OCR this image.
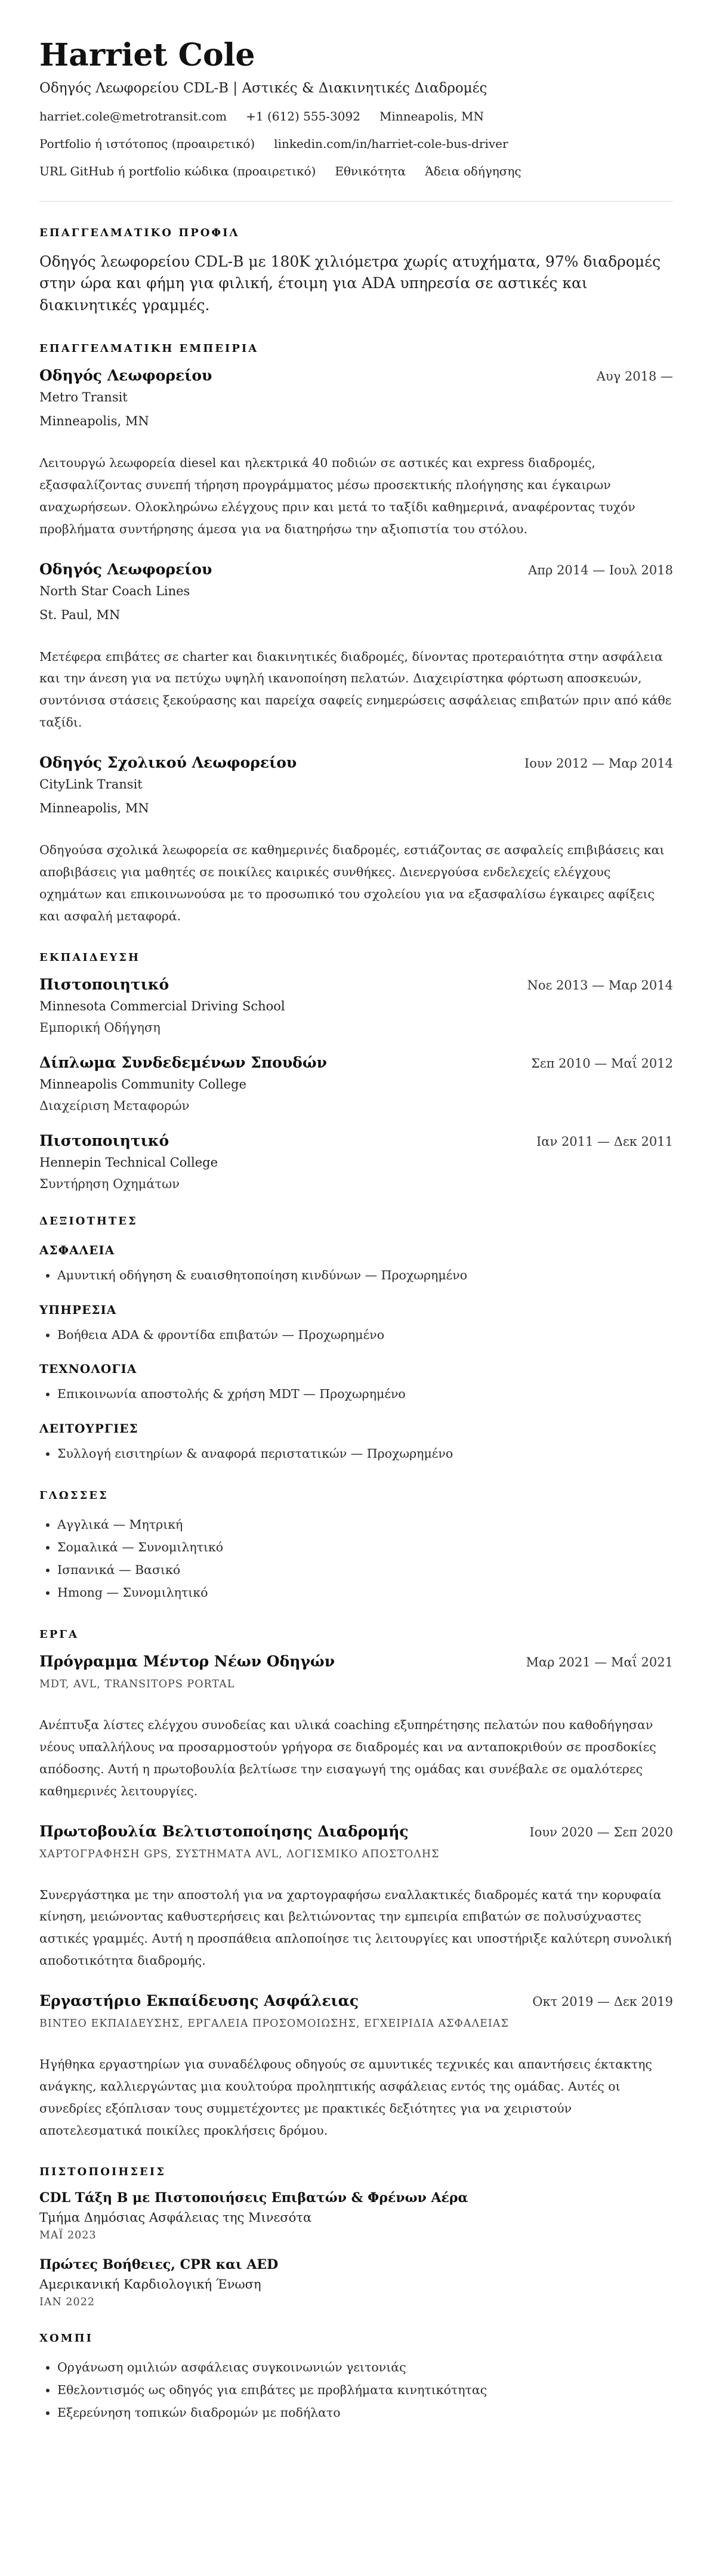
Harriet Cole
Οδηγός Λεωφορείου CDL-B | Αστικές & Διακινητικές Διαδρομές
harriet.cole@metrotransit.com +1 (612) 555-3092 Minneapolis, MN
Portfolio ή ιστότοπος (προαιρετικό) linkedin.com/in/harriet-cole-bus-driver
URL GitHub ή portfolio κώδικα (προαιρετικό) Εθνικότητα Άδεια οδήγησης
ΕΠΑΓΓΕΛΜΑΤΙΚΟ ΠΡΟΦΙΛ
Οδηγός λεωφορείου CDL-B με 180K χιλιόμετρα χωρίς ατυχήματα, 97% διαδρομές στην ώρα και φήμη για φιλική, έτοιμη για ADA υπηρεσία σε αστικές και διακινητικές γραμμές.
ΕΠΑΓΓΕΛΜΑΤΙΚΗ ΕΜΠΕΙΡΙΑ
Οδηγός Λεωφορείου	Αυγ 2018 —
Metro Transit
Minneapolis, MN
Λειτουργώ λεωφορεία diesel και ηλεκτρικά 40 ποδιών σε αστικές και express διαδρομές, εξασφαλίζοντας συνεπή τήρηση προγράμματος μέσω προσεκτικής πλοήγησης και έγκαιρων αναχωρήσεων. Ολοκληρώνω ελέγχους πριν και μετά το ταξίδι καθημερινά, αναφέροντας τυχόν προβλήματα συντήρησης άμεσα για να διατηρήσω την αξιοπιστία του στόλου.
Οδηγός Λεωφορείου	Απρ 2014 — Ιουλ 2018
North Star Coach Lines
St. Paul, MN
Μετέφερα επιβάτες σε charter και διακινητικές διαδρομές, δίνοντας προτεραιότητα στην ασφάλεια και την άνεση για να πετύχω υψηλή ικανοποίηση πελατών. Διαχειρίστηκα φόρτωση αποσκευών, συντόνισα στάσεις ξεκούρασης και παρείχα σαφείς ενημερώσεις ασφάλειας επιβατών πριν από κάθε ταξίδι.
Οδηγός Σχολικού Λεωφορείου	Ιουν 2012 — Μαρ 2014
CityLink Transit
Minneapolis, MN
Οδηγούσα σχολικά λεωφορεία σε καθημερινές διαδρομές, εστιάζοντας σε ασφαλείς επιβιβάσεις και αποβιβάσεις για μαθητές σε ποικίλες καιρικές συνθήκες. Διενεργούσα ενδελεχείς ελέγχους οχημάτων και επικοινωνούσα με το προσωπικό του σχολείου για να εξασφαλίσω έγκαιρες αφίξεις και ασφαλή μεταφορά.
ΕΚΠΑΙΔΕΥΣΗ
Πιστοποιητικό	Νοε 2013 — Μαρ 2014
Minnesota Commercial Driving School
Εμπορική Οδήγηση
Δίπλωμα Συνδεδεμένων Σπουδών	Σεπ 2010 — Μαΐ 2012
Minneapolis Community College
Διαχείριση Μεταφορών
Πιστοποιητικό	Ιαν 2011 — Δεκ 2011
Hennepin Technical College
Συντήρηση Οχημάτων
ΔΕΞΙΟΤΗΤΕΣ
ΑΣΦΑΛΕΙΑ
• Αμυντική οδήγηση & ευαισθητοποίηση κινδύνων — Προχωρημένο
ΥΠΗΡΕΣΙΑ
• Βοήθεια ADA & φροντίδα επιβατών — Προχωρημένο
ΤΕΧΝΟΛΟΓΙΑ
• Επικοινωνία αποστολής & χρήση MDT — Προχωρημένο
ΛΕΙΤΟΥΡΓΙΕΣ
• Συλλογή εισιτηρίων & αναφορά περιστατικών — Προχωρημένο
ΓΛΩΣΣΕΣ
• Αγγλικά — Μητρική
• Σομαλικά — Συνομιλητικό
• Ισπανικά — Βασικό
• Hmong — Συνομιλητικό
ΕΡΓΑ
Πρόγραμμα Μέντορ Νέων Οδηγών	Μαρ 2021 — Μαΐ 2021
MDT, AVL, TRANSITOPS PORTAL
Ανέπτυξα λίστες ελέγχου συνοδείας και υλικά coaching εξυπηρέτησης πελατών που καθοδήγησαν νέους υπαλλήλους να προσαρμοστούν γρήγορα σε διαδρομές και να ανταποκριθούν σε προσδοκίες απόδοσης. Αυτή η πρωτοβουλία βελτίωσε την εισαγωγή της ομάδας και συνέβαλε σε ομαλότερες καθημερινές λειτουργίες.
Πρωτοβουλία Βελτιστοποίησης Διαδρομής	Ιουν 2020 — Σεπ 2020
ΧΑΡΤΟΓΡΑΦΗΣΗ GPS, ΣΥΣΤΗΜΑΤΑ AVL, ΛΟΓΙΣΜΙΚΟ ΑΠΟΣΤΟΛΗΣ
Συνεργάστηκα με την αποστολή για να χαρτογραφήσω εναλλακτικές διαδρομές κατά την κορυφαία κίνηση, μειώνοντας καθυστερήσεις και βελτιώνοντας την εμπειρία επιβατών σε πολυσύχναστες αστικές γραμμές. Αυτή η προσπάθεια απλοποίησε τις λειτουργίες και υποστήριξε καλύτερη συνολική αποδοτικότητα διαδρομής.
Εργαστήριο Εκπαίδευσης Ασφάλειας	Οκτ 2019 — Δεκ 2019
ΒΙΝΤΕΟ ΕΚΠΑΙΔΕΥΣΗΣ, ΕΡΓΑΛΕΙΑ ΠΡΟΣΟΜΟΙΩΣΗΣ, ΕΓΧΕΙΡΙΔΙΑ ΑΣΦΑΛΕΙΑΣ
Ηγήθηκα εργαστηρίων για συναδέλφους οδηγούς σε αμυντικές τεχνικές και απαντήσεις έκτακτης ανάγκης, καλλιεργώντας μια κουλτούρα προληπτικής ασφάλειας εντός της ομάδας. Αυτές οι συνεδρίες εξόπλισαν τους συμμετέχοντες με πρακτικές δεξιότητες για να χειριστούν αποτελεσματικά ποικίλες προκλήσεις δρόμου.
ΠΙΣΤΟΠΟΙΗΣΕΙΣ
CDL Τάξη B με Πιστοποιήσεις Επιβατών & Φρένων Αέρα
Τμήμα Δημόσιας Ασφάλειας της Μινεσότα
ΜΑΪ 2023
Πρώτες Βοήθειες, CPR και AED
Αμερικανική Καρδιολογική Ένωση
ΙΑΝ 2022
ΧΟΜΠΙ
• Οργάνωση ομιλιών ασφάλειας συγκοινωνιών γειτονιάς
• Εθελοντισμός ως οδηγός για επιβάτες με προβλήματα κινητικότητας
• Εξερεύνηση τοπικών διαδρομών με ποδήλατο
